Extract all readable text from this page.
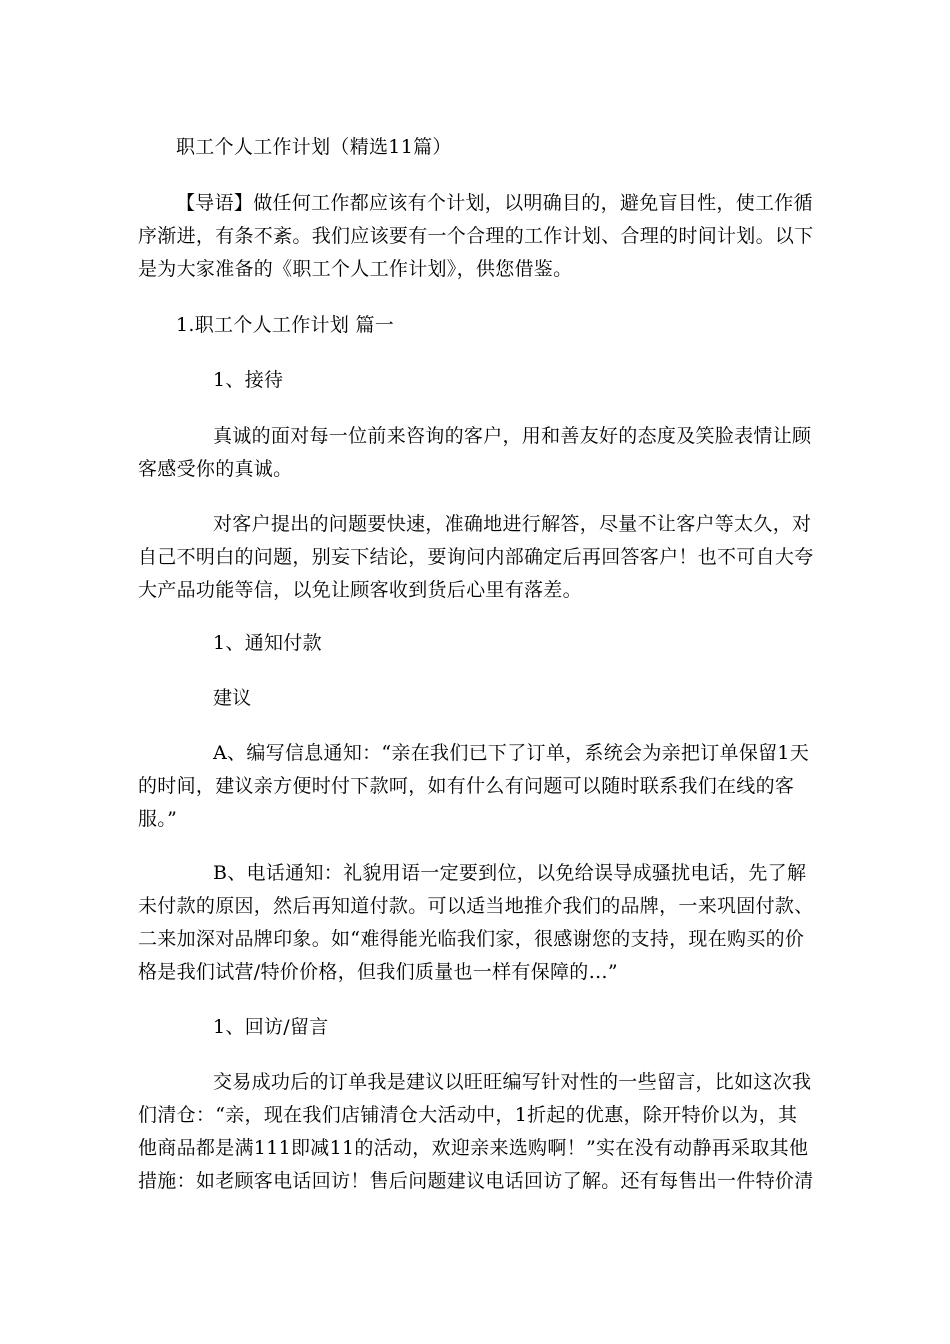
职工个人工作计划（精选11篇）
【导语】做任何工作都应该有个计划，以明确目的，避免盲目性，使工作循
序渐进，有条不紊。我们应该要有一个合理的工作计划、合理的时间计划。以下
是为大家准备的《职工个人工作计划》，供您借鉴。
1.职工个人工作计划 篇一
1、接待
真诚的面对每一位前来咨询的客户，用和善友好的态度及笑脸表情让顾
客感受你的真诚。
对客户提出的问题要快速，准确地进行解答，尽量不让客户等太久，对
自己不明白的问题，别妄下结论，要询问内部确定后再回答客户！也不可自大夸
大产品功能等信，以免让顾客收到货后心里有落差。
1、通知付款
建议
A、编写信息通知：“亲在我们已下了订单，系统会为亲把订单保留1天
的时间，建议亲方便时付下款呵，如有什么有问题可以随时联系我们在线的客
服。”
B、电话通知：礼貌用语一定要到位，以免给误导成骚扰电话，先了解
未付款的原因，然后再知道付款。可以适当地推介我们的品牌，一来巩固付款、
二来加深对品牌印象。如“难得能光临我们家，很感谢您的支持，现在购买的价
格是我们试营/特价价格，但我们质量也一样有保障的…”
1、回访/留言
交易成功后的订单我是建议以旺旺编写针对性的一些留言，比如这次我
们清仓：“亲，现在我们店铺清仓大活动中，1折起的优惠，除开特价以为，其
他商品都是满111即减11的活动，欢迎亲来选购啊！”实在没有动静再采取其他
措施：如老顾客电话回访！售后问题建议电话回访了解。还有每售出一件特价清
